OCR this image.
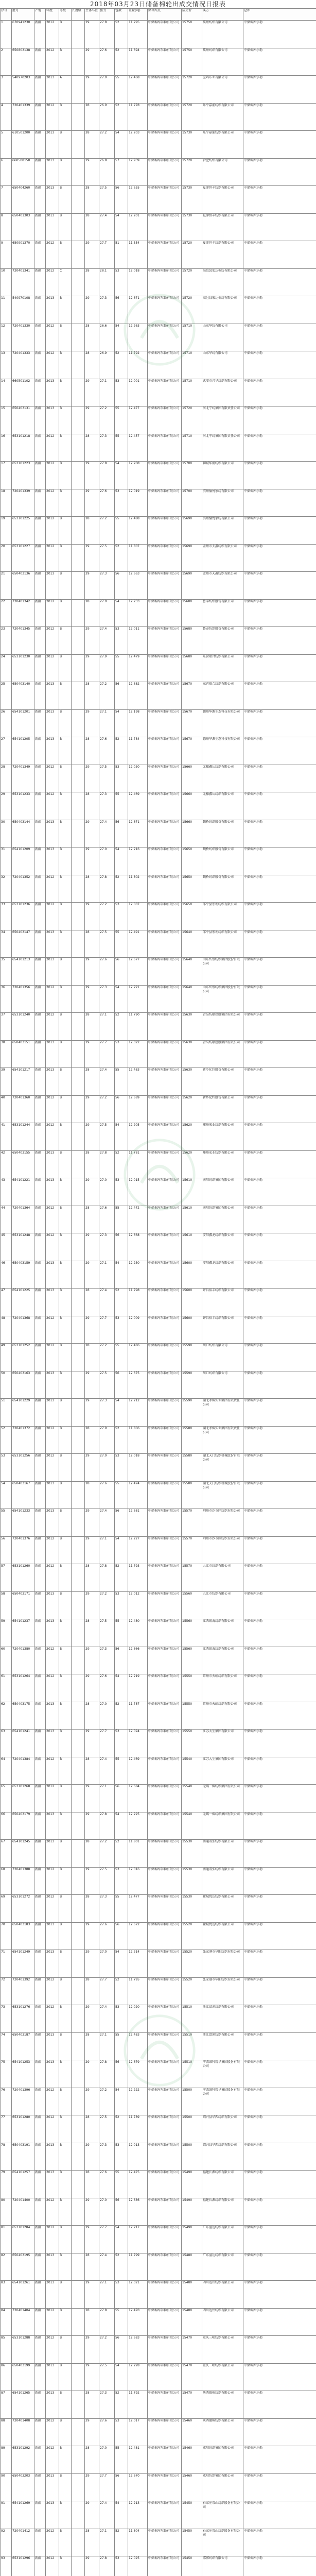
2018年03月23日储备棉轮出成交情况日报表
序号	批号	产地	年度	等级	长度级	主体马值	强力	包数	重量(吨)	储存库点	成交价	买方	仓库
1	670941230	新疆	2012	B		29	27.8	52	11.795	中储棉库尔勒有限公司	15750	冀州纺织有限公司	中储棉库尔勒
2	650803138	新疆	2012	B		29	27.6	52	11.694	中储棉库尔勒有限公司	15750	冀州纺织有限公司	中储棉库尔勒
3	540970203	新疆	2013	A		29	27.0	55	12.468	中储棉库尔勒有限公司	15720	宝鸡布业有限公司	中储棉库尔勒
4	720401339	新疆	2012	B		28	26.9	52	11.778	中储棉库尔勒有限公司	15720	乐平嘉浦纺织有限公司	中储棉库尔勒
5	610501200	新疆	2013	B		28	27.2	54	12.203	中储棉库尔勒有限公司	15730	乐平嘉浦纺织有限公司	中储棉库尔勒
6	660508150	新疆	2013	B		29	26.8	57	12.939	中储棉库尔勒有限公司	15720	合肥纺织有限公司	中储棉库尔勒
7	650404260	新疆	2013	B		28	27.5	56	12.655	中储棉库尔勒有限公司	15730	夏津恒丰纺织有限公司	中储棉库尔勒
8	650401303	新疆	2013	B		28	27.4	54	12.201	中储棉库尔勒有限公司	15730	夏津恒丰纺织有限公司	中储棉库尔勒
9	650901370	新疆	2012	B		29	27.7	51	11.554	中储棉库尔勒有限公司	15720	夏津恒丰纺织有限公司	中储棉库尔勒
10	720401341	新疆	2012	C		28	28.1	53	12.018	中储棉库尔勒有限公司	15720	高邑县宏达棉纺有限公司	中储棉库尔勒
11	540970108	新疆	2013	B		29	27.3	56	12.671	中储棉库尔勒有限公司	15720	高邑县宏达棉纺有限公司	中储棉库尔勒
12	720401330	新疆	2012	B		28	26.6	54	12.263	中储棉库尔勒有限公司	15710	山东华纺有限公司	中储棉库尔勒
13	720401333	新疆	2012	B		28	26.9	52	11.792	中储棉库尔勒有限公司	15710	山东华纺有限公司	中储棉库尔勒
14	660501102	新疆	2013	B		29	27.1	53	12.001	中储棉库尔勒有限公司	15710	武安市兴华纺织有限公司	中储棉库尔勒
15	650403131	新疆	2013	B		29	27.2	55	12.477	中储棉库尔勒有限公司	15720	河北宁纺集团有限责任公司	中储棉库尔勒
16	653101218	新疆	2012	B		28	27.3	55	12.457	中储棉库尔勒有限公司	15710	河北宁纺集团有限责任公司	中储棉库尔勒
17	653101223	新疆	2012	B		29	27.8	54	12.208	中储棉库尔勒有限公司	15700	聊城华润纺织有限公司	中储棉库尔勒
18	720401339	新疆	2012	B		29	27.6	53	12.019	中储棉库尔勒有限公司	15700	滨州愉悦家纺有限公司	中储棉库尔勒
19	653101225	新疆	2012	B		28	27.2	55	12.488	中储棉库尔勒有限公司	15690	滨州愉悦家纺有限公司	中储棉库尔勒
20	653101227	新疆	2012	B		29	27.5	52	11.807	中储棉库尔勒有限公司	15690	孟州市天鑫纺织有限公司	中储棉库尔勒
21	650403136	新疆	2013	B		29	27.3	56	12.663	中储棉库尔勒有限公司	15690	孟州市天鑫纺织有限公司	中储棉库尔勒
22	720401342	新疆	2012	B		28	27.0	54	12.233	中储棉库尔勒有限公司	15680	鲁泰纺织股份有限公司	中储棉库尔勒
23	720401345	新疆	2012	B		29	27.4	53	12.011	中储棉库尔勒有限公司	15680	鲁泰纺织股份有限公司	中储棉库尔勒
24	653101230	新疆	2012	B		29	27.9	55	12.479	中储棉库尔勒有限公司	15680	东营联合纺织有限公司	中储棉库尔勒
25	650403140	新疆	2013	B		28	27.2	56	12.682	中储棉库尔勒有限公司	15670	东营联合纺织有限公司	中储棉库尔勒
26	654101201	新疆	2013	B		29	27.1	54	12.198	中储棉库尔勒有限公司	15670	德州华源生态科技有限公司	中储棉库尔勒
27	654101205	新疆	2013	B		28	27.6	52	11.784	中储棉库尔勒有限公司	15670	德州华源生态科技有限公司	中储棉库尔勒
28	720401349	新疆	2012	B		29	27.5	53	12.030	中储棉库尔勒有限公司	15660	无棣鑫岳纺织有限公司	中储棉库尔勒
29	653101233	新疆	2012	B		28	27.3	55	12.469	中储棉库尔勒有限公司	15660	无棣鑫岳纺织有限公司	中储棉库尔勒
30	650403144	新疆	2013	B		29	27.4	56	12.671	中储棉库尔勒有限公司	15660	魏桥纺织股份有限公司	中储棉库尔勒
31	654101209	新疆	2013	B		29	27.0	54	12.216	中储棉库尔勒有限公司	15650	魏桥纺织股份有限公司	中储棉库尔勒
32	720401352	新疆	2012	B		28	27.8	52	11.802	中储棉库尔勒有限公司	15650	魏桥纺织股份有限公司	中储棉库尔勒
33	653101236	新疆	2012	B		29	27.2	53	12.007	中储棉库尔勒有限公司	15650	邹平县宏利纺织有限公司	中储棉库尔勒
34	650403147	新疆	2013	B		28	27.5	55	12.491	中储棉库尔勒有限公司	15640	邹平县宏利纺织有限公司	中储棉库尔勒
35	654101213	新疆	2013	B		29	27.6	56	12.677	中储棉库尔勒有限公司	15640	山东岱银纺织集团股份有限公司	中储棉库尔勒
36	720401356	新疆	2012	B		29	27.3	54	12.221	中储棉库尔勒有限公司	15640	山东岱银纺织集团股份有限公司	中储棉库尔勒
37	653101240	新疆	2012	B		28	27.1	52	11.790	中储棉库尔勒有限公司	15630	青岛纺联控股集团有限公司	中储棉库尔勒
38	650403151	新疆	2013	B		29	27.7	53	12.022	中储棉库尔勒有限公司	15630	青岛纺联控股集团有限公司	中储棉库尔勒
39	654101217	新疆	2013	B		28	27.4	55	12.483	中储棉库尔勒有限公司	15630	新乡化纤股份有限公司	中储棉库尔勒
40	720401360	新疆	2012	B		29	27.2	56	12.689	中储棉库尔勒有限公司	15620	新乡化纤股份有限公司	中储棉库尔勒
41	653101244	新疆	2012	B		29	27.5	54	12.205	中储棉库尔勒有限公司	15620	郑州宏业纺织有限公司	中储棉库尔勒
42	650403155	新疆	2013	B		28	27.8	52	11.781	中储棉库尔勒有限公司	15620	郑州宏业纺织有限公司	中储棉库尔勒
43	654101221	新疆	2013	B		29	27.0	53	12.015	中储棉库尔勒有限公司	15610	南阳纺织集团有限公司	中储棉库尔勒
44	720401364	新疆	2012	B		28	27.6	55	12.472	中储棉库尔勒有限公司	15610	南阳纺织集团有限公司	中储棉库尔勒
45	653101248	新疆	2012	B		29	27.3	56	12.668	中储棉库尔勒有限公司	15610	安阳鑫龙纺织有限公司	中储棉库尔勒
46	650403159	新疆	2013	B		29	27.1	54	12.230	中储棉库尔勒有限公司	15600	安阳鑫龙纺织有限公司	中储棉库尔勒
47	654101225	新疆	2013	B		28	27.4	52	11.798	中储棉库尔勒有限公司	15600	许昌裕丰纺织有限公司	中储棉库尔勒
48	720401368	新疆	2012	B		29	27.7	53	12.009	中储棉库尔勒有限公司	15600	许昌裕丰纺织有限公司	中储棉库尔勒
49	653101252	新疆	2012	B		28	27.2	55	12.486	中储棉库尔勒有限公司	15590	周口纺织有限公司	中储棉库尔勒
50	650403163	新疆	2013	B		29	27.5	56	12.675	中储棉库尔勒有限公司	15590	周口纺织有限公司	中储棉库尔勒
51	654101229	新疆	2013	B		29	27.3	54	12.212	中储棉库尔勒有限公司	15590	湖北孝棉实业集团有限责任公司	中储棉库尔勒
52	720401372	新疆	2012	B		28	27.9	52	11.806	中储棉库尔勒有限公司	15580	湖北孝棉实业集团有限责任公司	中储棉库尔勒
53	653101256	新疆	2012	B		29	27.0	53	12.018	中储棉库尔勒有限公司	15580	湖北天门纺织机械股份有限公司	中储棉库尔勒
54	650403167	新疆	2013	B		28	27.6	55	12.474	中储棉库尔勒有限公司	15580	湖北天门纺织机械股份有限公司	中储棉库尔勒
55	654101233	新疆	2013	B		29	27.4	56	12.681	中储棉库尔勒有限公司	15570	荆州市沙市区纺织有限公司	中储棉库尔勒
56	720401376	新疆	2012	B		29	27.1	54	12.227	中储棉库尔勒有限公司	15570	荆州市沙市区纺织有限公司	中储棉库尔勒
57	653101260	新疆	2012	B		28	27.8	52	11.793	中储棉库尔勒有限公司	15570	九江市纺织有限公司	中储棉库尔勒
58	650403171	新疆	2013	B		29	27.2	53	12.012	中储棉库尔勒有限公司	15560	九江市纺织有限公司	中储棉库尔勒
59	654101237	新疆	2013	B		28	27.5	55	12.480	中储棉库尔勒有限公司	15560	江西银海纺织有限公司	中储棉库尔勒
60	720401380	新疆	2012	B		29	27.3	56	12.666	中储棉库尔勒有限公司	15560	江西银海纺织有限公司	中储棉库尔勒
61	653101264	新疆	2012	B		29	27.6	54	12.219	中储棉库尔勒有限公司	15550	常州市天虹纺织有限公司	中储棉库尔勒
62	650403175	新疆	2013	B		28	27.0	52	11.787	中储棉库尔勒有限公司	15550	常州市天虹纺织有限公司	中储棉库尔勒
63	654101241	新疆	2013	B		29	27.7	53	12.024	中储棉库尔勒有限公司	15550	江苏大生集团有限公司	中储棉库尔勒
64	720401384	新疆	2012	B		28	27.4	55	12.469	中储棉库尔勒有限公司	15540	江苏大生集团有限公司	中储棉库尔勒
65	653101268	新疆	2012	B		29	27.1	56	12.684	中储棉库尔勒有限公司	15540	无锡一棉纺织集团有限公司	中储棉库尔勒
66	650403179	新疆	2013	B		29	27.8	54	12.225	中储棉库尔勒有限公司	15540	无锡一棉纺织集团有限公司	中储棉库尔勒
67	654101245	新疆	2013	B		28	27.2	52	11.801	中储棉库尔勒有限公司	15530	南通双弘纺织有限公司	中储棉库尔勒
68	720401388	新疆	2012	B		29	27.5	53	12.016	中储棉库尔勒有限公司	15530	南通双弘纺织有限公司	中储棉库尔勒
69	653101272	新疆	2012	B		28	27.3	55	12.477	中储棉库尔勒有限公司	15530	盐城悦达纺织有限公司	中储棉库尔勒
70	650403183	新疆	2013	B		29	27.6	56	12.672	中储棉库尔勒有限公司	15520	盐城悦达纺织有限公司	中储棉库尔勒
71	654101249	新疆	2013	B		29	27.0	54	12.214	中储棉库尔勒有限公司	15520	张家港市华阳纺织有限公司	中储棉库尔勒
72	720401392	新疆	2012	B		28	27.7	52	11.795	中储棉库尔勒有限公司	15520	张家港市华阳纺织有限公司	中储棉库尔勒
73	653101276	新疆	2012	B		29	27.4	53	12.020	中储棉库尔勒有限公司	15510	浙江富润纺织有限公司	中储棉库尔勒
74	650403187	新疆	2013	B		28	27.1	55	12.483	中储棉库尔勒有限公司	15510	浙江富润纺织有限公司	中储棉库尔勒
75	654101253	新疆	2013	B		29	27.8	56	12.679	中储棉库尔勒有限公司	15510	宁波维科精华集团股份有限公司	中储棉库尔勒
76	720401396	新疆	2012	B		29	27.2	54	12.222	中储棉库尔勒有限公司	15500	宁波维科精华集团股份有限公司	中储棉库尔勒
77	653101280	新疆	2012	B		28	27.5	52	11.789	中储棉库尔勒有限公司	15500	绍兴县华西纺织有限公司	中储棉库尔勒
78	650403191	新疆	2013	B		29	27.3	53	12.013	中储棉库尔勒有限公司	15500	绍兴县华西纺织有限公司	中储棉库尔勒
79	654101257	新疆	2013	B		28	27.6	55	12.475	中储棉库尔勒有限公司	15490	福建长源纺织有限公司	中储棉库尔勒
80	720401400	新疆	2012	B		29	27.0	56	12.686	中储棉库尔勒有限公司	15490	福建长源纺织有限公司	中储棉库尔勒
81	653101284	新疆	2012	B		29	27.7	54	12.217	中储棉库尔勒有限公司	15490	广东溢达纺织有限公司	中储棉库尔勒
82	650403195	新疆	2013	B		28	27.4	52	11.799	中储棉库尔勒有限公司	15480	广东溢达纺织有限公司	中储棉库尔勒
83	654101261	新疆	2013	B		29	27.1	53	12.021	中储棉库尔勒有限公司	15480	四川达州纺织有限公司	中储棉库尔勒
84	720401404	新疆	2012	B		28	27.8	55	12.470	中储棉库尔勒有限公司	15480	四川达州纺织有限公司	中储棉库尔勒
85	653101288	新疆	2012	B		29	27.2	56	12.683	中储棉库尔勒有限公司	15470	重庆三峡纺织有限公司	中储棉库尔勒
86	650403199	新疆	2013	B		29	27.5	54	12.228	中储棉库尔勒有限公司	15470	重庆三峡纺织有限公司	中储棉库尔勒
87	654101265	新疆	2013	B		28	27.3	52	11.792	中储棉库尔勒有限公司	15470	陕西德棉纺织有限公司	中储棉库尔勒
88	720401408	新疆	2012	B		29	27.6	53	12.017	中储棉库尔勒有限公司	15460	陕西德棉纺织有限公司	中储棉库尔勒
89	653101292	新疆	2012	B		28	27.0	55	12.481	中储棉库尔勒有限公司	15460	咸阳纺织集团有限公司	中储棉库尔勒
90	650403203	新疆	2013	B		29	27.7	56	12.670	中储棉库尔勒有限公司	15460	咸阳纺织集团有限公司	中储棉库尔勒
91	654101269	新疆	2013	B		29	27.4	54	12.213	中储棉库尔勒有限公司	15450	石家庄常山纺织股份有限公司	中储棉库尔勒
92	720401412	新疆	2012	B		28	27.1	52	11.804	中储棉库尔勒有限公司	15450	石家庄常山纺织股份有限公司	中储棉库尔勒
93	653101296	新疆	2012	B		29	27.8	53	12.025	中储棉库尔勒有限公司	15450	邯郸纺织有限公司	中储棉库尔勒
